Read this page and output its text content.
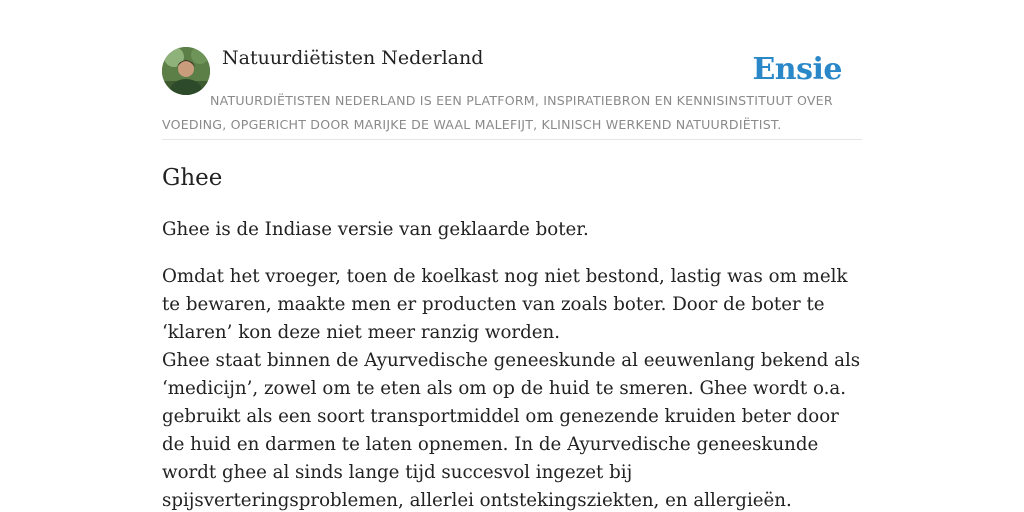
Natuurdiëtisten Nederland	Ensie
NATUURDIËTISTEN NEDERLAND IS EEN PLATFORM, INSPIRATIEBRON EN KENNISINSTITUUT OVER VOEDING, OPGERICHT DOOR MARIJKE DE WAAL MALEFIJT, KLINISCH WERKEND NATUURDIËTIST.
Ghee

Ghee is de Indiase versie van geklaarde boter.

Omdat het vroeger, toen de koelkast nog niet bestond, lastig was om melk te bewaren, maakte men er producten van zoals boter. Door de boter te ‘klaren’ kon deze niet meer ranzig worden.
Ghee staat binnen de Ayurvedische geneeskunde al eeuwenlang bekend als ‘medicijn’, zowel om te eten als om op de huid te smeren. Ghee wordt o.a. gebruikt als een soort transportmiddel om genezende kruiden beter door de huid en darmen te laten opnemen. In de Ayurvedische geneeskunde wordt ghee al sinds lange tijd succesvol ingezet bij spijsverteringsproblemen, allerlei ontstekingsziekten, en allergieën.
